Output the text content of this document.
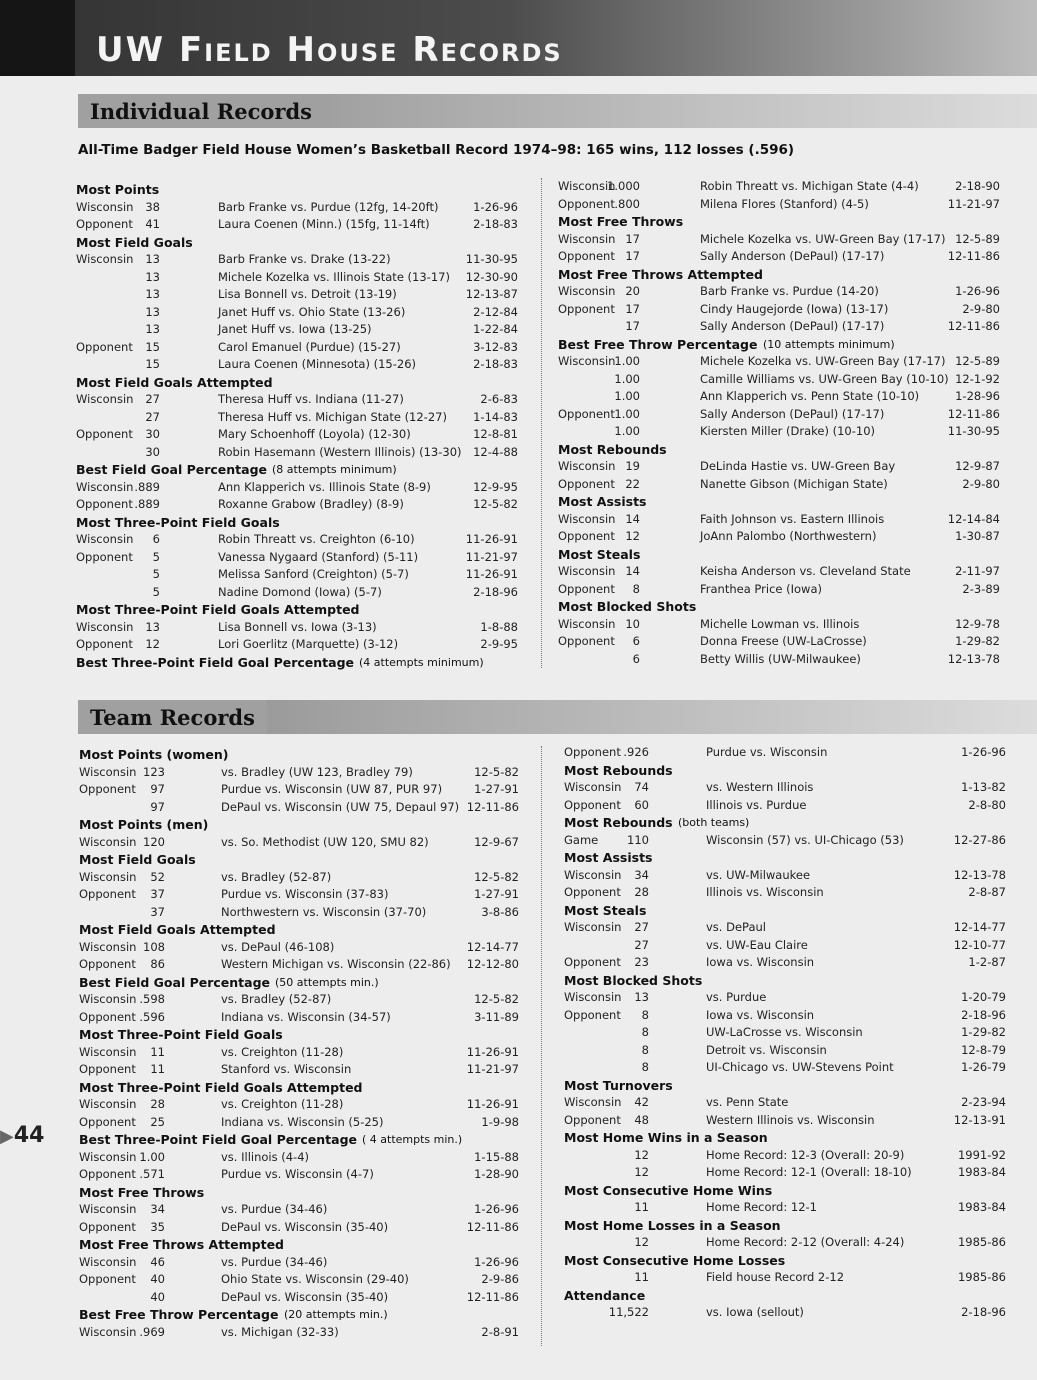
UW Field House Records
Individual Records
All-Time Badger Field House Women’s Basketball Record 1974–98: 165 wins, 112 losses (.596)
Most Points
Wisconsin	38	Barb Franke vs. Purdue (12fg, 14-20ft)	1-26-96
Opponent	41	Laura Coenen (Minn.) (15fg, 11-14ft)	2-18-83
Most Field Goals
Wisconsin	13	Barb Franke vs. Drake (13-22)	11-30-95
13	Michele Kozelka vs. Illinois State (13-17) 12-30-90
13	Lisa Bonnell vs. Detroit (13-19)	12-13-87
13	Janet Huff vs. Ohio State (13-26)	2-12-84
13	Janet Huff vs. Iowa (13-25)	1-22-84
Opponent	15	Carol Emanuel (Purdue) (15-27)	3-12-83
15	Laura Coenen (Minnesota) (15-26)	2-18-83
Most Field Goals Attempted
Wisconsin	27	Theresa Huff vs. Indiana (11-27)	2-6-83
27	Theresa Huff vs. Michigan State (12-27) 1-14-83
Opponent	30	Mary Schoenhoff (Loyola) (12-30)	12-8-81
30	Robin Hasemann (Western Illinois) (13-30) 12-4-88
Best Field Goal Percentage (8 attempts minimum)
Wisconsin .889	Ann Klapperich vs. Illinois State (8-9)	12-9-95
Opponent .889	Roxanne Grabow (Bradley) (8-9)	12-5-82
Most Three-Point Field Goals
Wisconsin	6	Robin Threatt vs. Creighton (6-10)	11-26-91
Opponent	5	Vanessa Nygaard (Stanford) (5-11)	11-21-97
5	Melissa Sanford (Creighton) (5-7)	11-26-91
5	Nadine Domond (Iowa) (5-7)	2-18-96
Most Three-Point Field Goals Attempted
Wisconsin	13	Lisa Bonnell vs. Iowa (3-13)	1-8-88
Opponent	12	Lori Goerlitz (Marquette) (3-12)	2-9-95
Best Three-Point Field Goal Percentage (4 attempts minimum)
Wisconsin
1.000	Robin Threatt vs. Michigan State (4-4)	2-18-90
Opponent .800	Milena Flores (Stanford) (4-5)	11-21-97
Most Free Throws
Wisconsin 17	Michele Kozelka vs. UW-Green Bay (17-17) 12-5-89
Opponent 17	Sally Anderson (DePaul) (17-17)	12-11-86
Most Free Throws Attempted
Wisconsin 20	Barb Franke vs. Purdue (14-20)	1-26-96
Opponent 17	Cindy Haugejorde (Iowa) (13-17)	2-9-80
17	Sally Anderson (DePaul) (17-17)	12-11-86
Best Free Throw Percentage (10 attempts minimum)
Wisconsin
1.00	Michele Kozelka vs. UW-Green Bay (17-17) 12-5-89
1.00	Camille Williams vs. UW-Green Bay (10-10) 12-1-92
1.00	Ann Klapperich vs. Penn State (10-10)	1-28-96
Opponent 1.00	Sally Anderson (DePaul) (17-17)	12-11-86
1.00	Kiersten Miller (Drake) (10-10)	11-30-95
Most Rebounds
Wisconsin 19	DeLinda Hastie vs. UW-Green Bay	12-9-87
Opponent 22	Nanette Gibson (Michigan State)	2-9-80
Most Assists
Wisconsin 14	Faith Johnson vs. Eastern Illinois	12-14-84
Opponent 12	JoAnn Palombo (Northwestern)	1-30-87
Most Steals
Wisconsin 14	Keisha Anderson vs. Cleveland State	2-11-97
Opponent	8	Franthea Price (Iowa)	2-3-89
Most Blocked Shots
Wisconsin 10	Michelle Lowman vs. Illinois	12-9-78
Opponent	6	Donna Freese (UW-LaCrosse)	1-29-82
6	Betty Willis (UW-Milwaukee)	12-13-78
Team Records
Most Points (women)
Wisconsin 123	vs. Bradley (UW 123, Bradley 79)	12-5-82
Opponent	97	Purdue vs. Wisconsin (UW 87, PUR 97)	1-27-91
97	DePaul vs. Wisconsin (UW 75, Depaul 97) 12-11-86
Most Points (men)
Wisconsin 120	vs. So. Methodist (UW 120, SMU 82)	12-9-67
Most Field Goals
Wisconsin	52	vs. Bradley (52-87)	12-5-82
Opponent	37	Purdue vs. Wisconsin (37-83)	1-27-91
37	Northwestern vs. Wisconsin (37-70)	3-8-86
Most Field Goals Attempted
Wisconsin 108	vs. DePaul (46-108)	12-14-77
Opponent	86	Western Michigan vs. Wisconsin (22-86) 12-12-80
Best Field Goal Percentage (50 attempts min.)
Wisconsin .598	vs. Bradley (52-87)	12-5-82
Opponent .596	Indiana vs. Wisconsin (34-57)	3-11-89
Most Three-Point Field Goals
Wisconsin	11	vs. Creighton (11-28)	11-26-91
Opponent	11	Stanford vs. Wisconsin	11-21-97
Most Three-Point Field Goals Attempted
Wisconsin	28	vs. Creighton (11-28)	11-26-91
Opponent	25	Indiana vs. Wisconsin (5-25)	1-9-98
Best Three-Point Field Goal Percentage ( 4 attempts min.)
Wisconsin 1.00	vs. Illinois (4-4)	1-15-88
Opponent .571	Purdue vs. Wisconsin (4-7)	1-28-90
Most Free Throws
Wisconsin	34	vs. Purdue (34-46)	1-26-96
Opponent	35	DePaul vs. Wisconsin (35-40)	12-11-86
Most Free Throws Attempted
Wisconsin	46	vs. Purdue (34-46)	1-26-96
Opponent	40	Ohio State vs. Wisconsin (29-40)	2-9-86
40	DePaul vs. Wisconsin (35-40)	12-11-86
Best Free Throw Percentage (20 attempts min.)
Wisconsin .969	vs. Michigan (32-33)	2-8-91
Opponent .926	Purdue vs. Wisconsin	1-26-96
Most Rebounds
Wisconsin	74	vs. Western Illinois	1-13-82
Opponent	60	Illinois vs. Purdue	2-8-80
Most Rebounds (both teams)
Game	110	Wisconsin (57) vs. UI-Chicago (53)	12-27-86
Most Assists
Wisconsin	34	vs. UW-Milwaukee	12-13-78
Opponent	28	Illinois vs. Wisconsin	2-8-87
Most Steals
Wisconsin	27	vs. DePaul	12-14-77
27	vs. UW-Eau Claire	12-10-77
Opponent	23	Iowa vs. Wisconsin	1-2-87
Most Blocked Shots
Wisconsin	13	vs. Purdue	1-20-79
Opponent	8	Iowa vs. Wisconsin	2-18-96
8	UW-LaCrosse vs. Wisconsin	1-29-82
8	Detroit vs. Wisconsin	12-8-79
8	UI-Chicago vs. UW-Stevens Point	1-26-79
Most Turnovers
Wisconsin	42	vs. Penn State	2-23-94
Opponent	48	Western Illinois vs. Wisconsin	12-13-91
Most Home Wins in a Season
12	Home Record: 12-3 (Overall: 20-9)	1991-92
12	Home Record: 12-1 (Overall: 18-10)	1983-84
Most Consecutive Home Wins
11	Home Record: 12-1	1983-84
Most Home Losses in a Season
12	Home Record: 2-12 (Overall: 4-24)	1985-86
Most Consecutive Home Losses
11	Field house Record 2-12	1985-86
Attendance
11,522	vs. Iowa (sellout)	2-18-96
▶44
